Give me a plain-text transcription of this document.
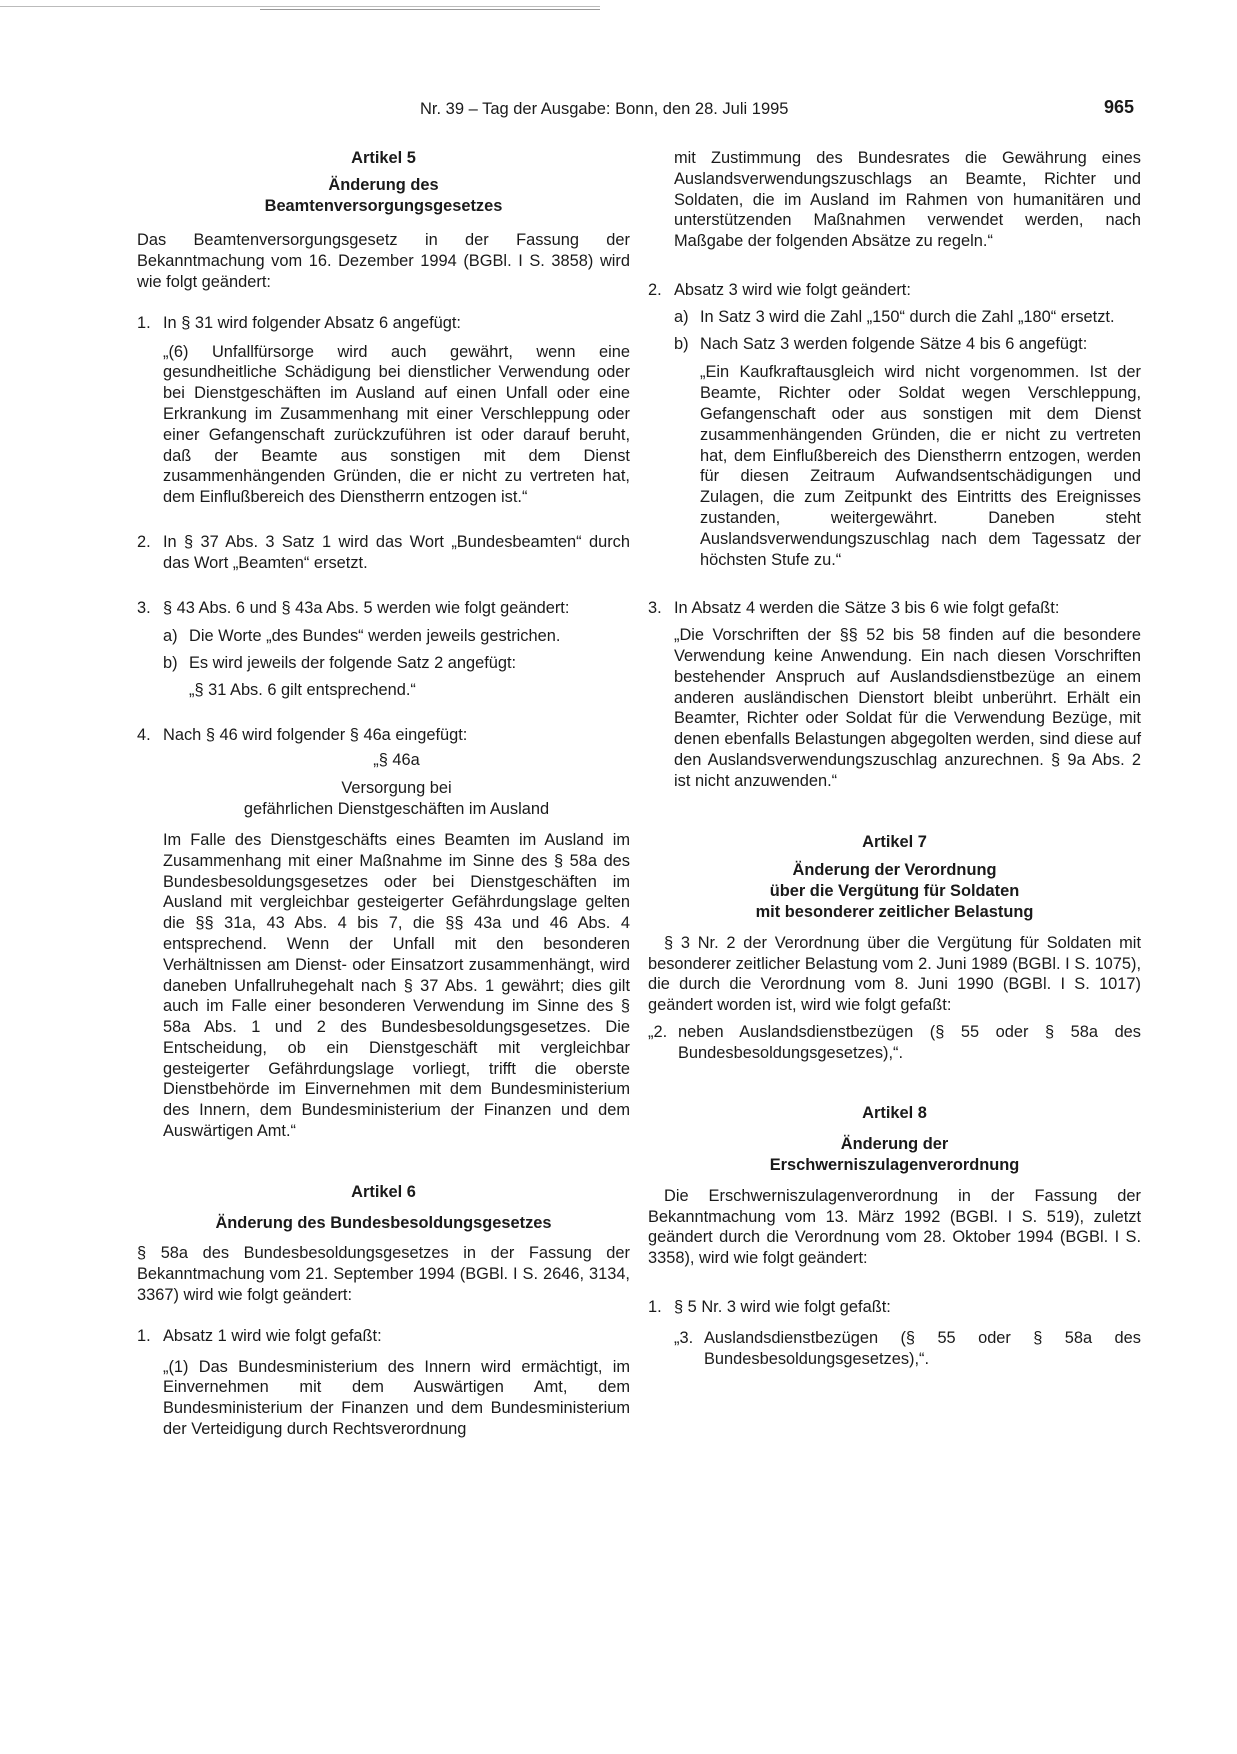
Nr. 39 – Tag der Ausgabe: Bonn, den 28. Juli 1995	965
Artikel 5
Änderung des
Beamtenversorgungsgesetzes

Das Beamtenversorgungsgesetz in der Fassung der Bekanntmachung vom 16. Dezember 1994 (BGBl. I S. 3858) wird wie folgt geändert:

1. In § 31 wird folgender Absatz 6 angefügt:

„(6) Unfallfürsorge wird auch gewährt, wenn eine gesundheitliche Schädigung bei dienstlicher Verwendung oder bei Dienstgeschäften im Ausland auf einen Unfall oder eine Erkrankung im Zusammenhang mit einer Verschleppung oder einer Gefangenschaft zurückzuführen ist oder darauf beruht, daß der Beamte aus sonstigen mit dem Dienst zusammenhängenden Gründen, die er nicht zu vertreten hat, dem Einflußbereich des Dienstherrn entzogen ist.“

2. In § 37 Abs. 3 Satz 1 wird das Wort „Bundesbeamten“ durch das Wort „Beamten“ ersetzt.
3. § 43 Abs. 6 und § 43a Abs. 5 werden wie folgt geändert:
a) Die Worte „des Bundes“ werden jeweils gestrichen.
b) Es wird jeweils der folgende Satz 2 angefügt:

„§ 31 Abs. 6 gilt entsprechend.“

4. Nach § 46 wird folgender § 46a eingefügt:
„§ 46a
Versorgung bei
gefährlichen Dienstgeschäften im Ausland

Im Falle des Dienstgeschäfts eines Beamten im Ausland im Zusammenhang mit einer Maßnahme im Sinne des § 58a des Bundesbesoldungsgesetzes oder bei Dienstgeschäften im Ausland mit vergleichbar gesteigerter Gefährdungslage gelten die §§ 31a, 43 Abs. 4 bis 7, die §§ 43a und 46 Abs. 4 entsprechend. Wenn der Unfall mit den besonderen Verhältnissen am Dienst- oder Einsatzort zusammenhängt, wird daneben Unfallruhegehalt nach § 37 Abs. 1 gewährt; dies gilt auch im Falle einer besonderen Verwendung im Sinne des § 58a Abs. 1 und 2 des Bundesbesoldungsgesetzes. Die Entscheidung, ob ein Dienstgeschäft mit vergleichbar gesteigerter Gefährdungslage vorliegt, trifft die oberste Dienstbehörde im Einvernehmen mit dem Bundesministerium des Innern, dem Bundesministerium der Finanzen und dem Auswärtigen Amt.“

Artikel 6
Änderung des Bundesbesoldungsgesetzes

§ 58a des Bundesbesoldungsgesetzes in der Fassung der Bekanntmachung vom 21. September 1994 (BGBl. I S. 2646, 3134, 3367) wird wie folgt geändert:

1. Absatz 1 wird wie folgt gefaßt:

„(1) Das Bundesministerium des Innern wird ermächtigt, im Einvernehmen mit dem Auswärtigen Amt, dem Bundesministerium der Finanzen und dem Bundesministerium der Verteidigung durch Rechtsverordnung

mit Zustimmung des Bundesrates die Gewährung eines Auslandsverwendungszuschlags an Beamte, Richter und Soldaten, die im Ausland im Rahmen von humanitären und unterstützenden Maßnahmen verwendet werden, nach Maßgabe der folgenden Absätze zu regeln.“

2. Absatz 3 wird wie folgt geändert:
a) In Satz 3 wird die Zahl „150“ durch die Zahl „180“ ersetzt.
b) Nach Satz 3 werden folgende Sätze 4 bis 6 angefügt:

„Ein Kaufkraftausgleich wird nicht vorgenommen. Ist der Beamte, Richter oder Soldat wegen Verschleppung, Gefangenschaft oder aus sonstigen mit dem Dienst zusammenhängenden Gründen, die er nicht zu vertreten hat, dem Einflußbereich des Dienstherrn entzogen, werden für diesen Zeitraum Aufwandsentschädigungen und Zulagen, die zum Zeitpunkt des Eintritts des Ereignisses zustanden, weitergewährt. Daneben steht Auslandsverwendungszuschlag nach dem Tagessatz der höchsten Stufe zu.“

3. In Absatz 4 werden die Sätze 3 bis 6 wie folgt gefaßt:

„Die Vorschriften der §§ 52 bis 58 finden auf die besondere Verwendung keine Anwendung. Ein nach diesen Vorschriften bestehender Anspruch auf Auslandsdienstbezüge an einem anderen ausländischen Dienstort bleibt unberührt. Erhält ein Beamter, Richter oder Soldat für die Verwendung Bezüge, mit denen ebenfalls Belastungen abgegolten werden, sind diese auf den Auslandsverwendungszuschlag anzurechnen. § 9a Abs. 2 ist nicht anzuwenden.“

Artikel 7
Änderung der Verordnung
über die Vergütung für Soldaten
mit besonderer zeitlicher Belastung

§ 3 Nr. 2 der Verordnung über die Vergütung für Soldaten mit besonderer zeitlicher Belastung vom 2. Juni 1989 (BGBl. I S. 1075), die durch die Verordnung vom 8. Juni 1990 (BGBl. I S. 1017) geändert worden ist, wird wie folgt gefaßt:

„2. neben Auslandsdienstbezügen (§ 55 oder § 58a des Bundesbesoldungsgesetzes),“.
Artikel 8
Änderung der
Erschwerniszulagenverordnung

Die Erschwerniszulagenverordnung in der Fassung der Bekanntmachung vom 13. März 1992 (BGBl. I S. 519), zuletzt geändert durch die Verordnung vom 28. Oktober 1994 (BGBl. I S. 3358), wird wie folgt geändert:

1. § 5 Nr. 3 wird wie folgt gefaßt:
„3. Auslandsdienstbezügen (§ 55 oder § 58a des Bundesbesoldungsgesetzes),“.
